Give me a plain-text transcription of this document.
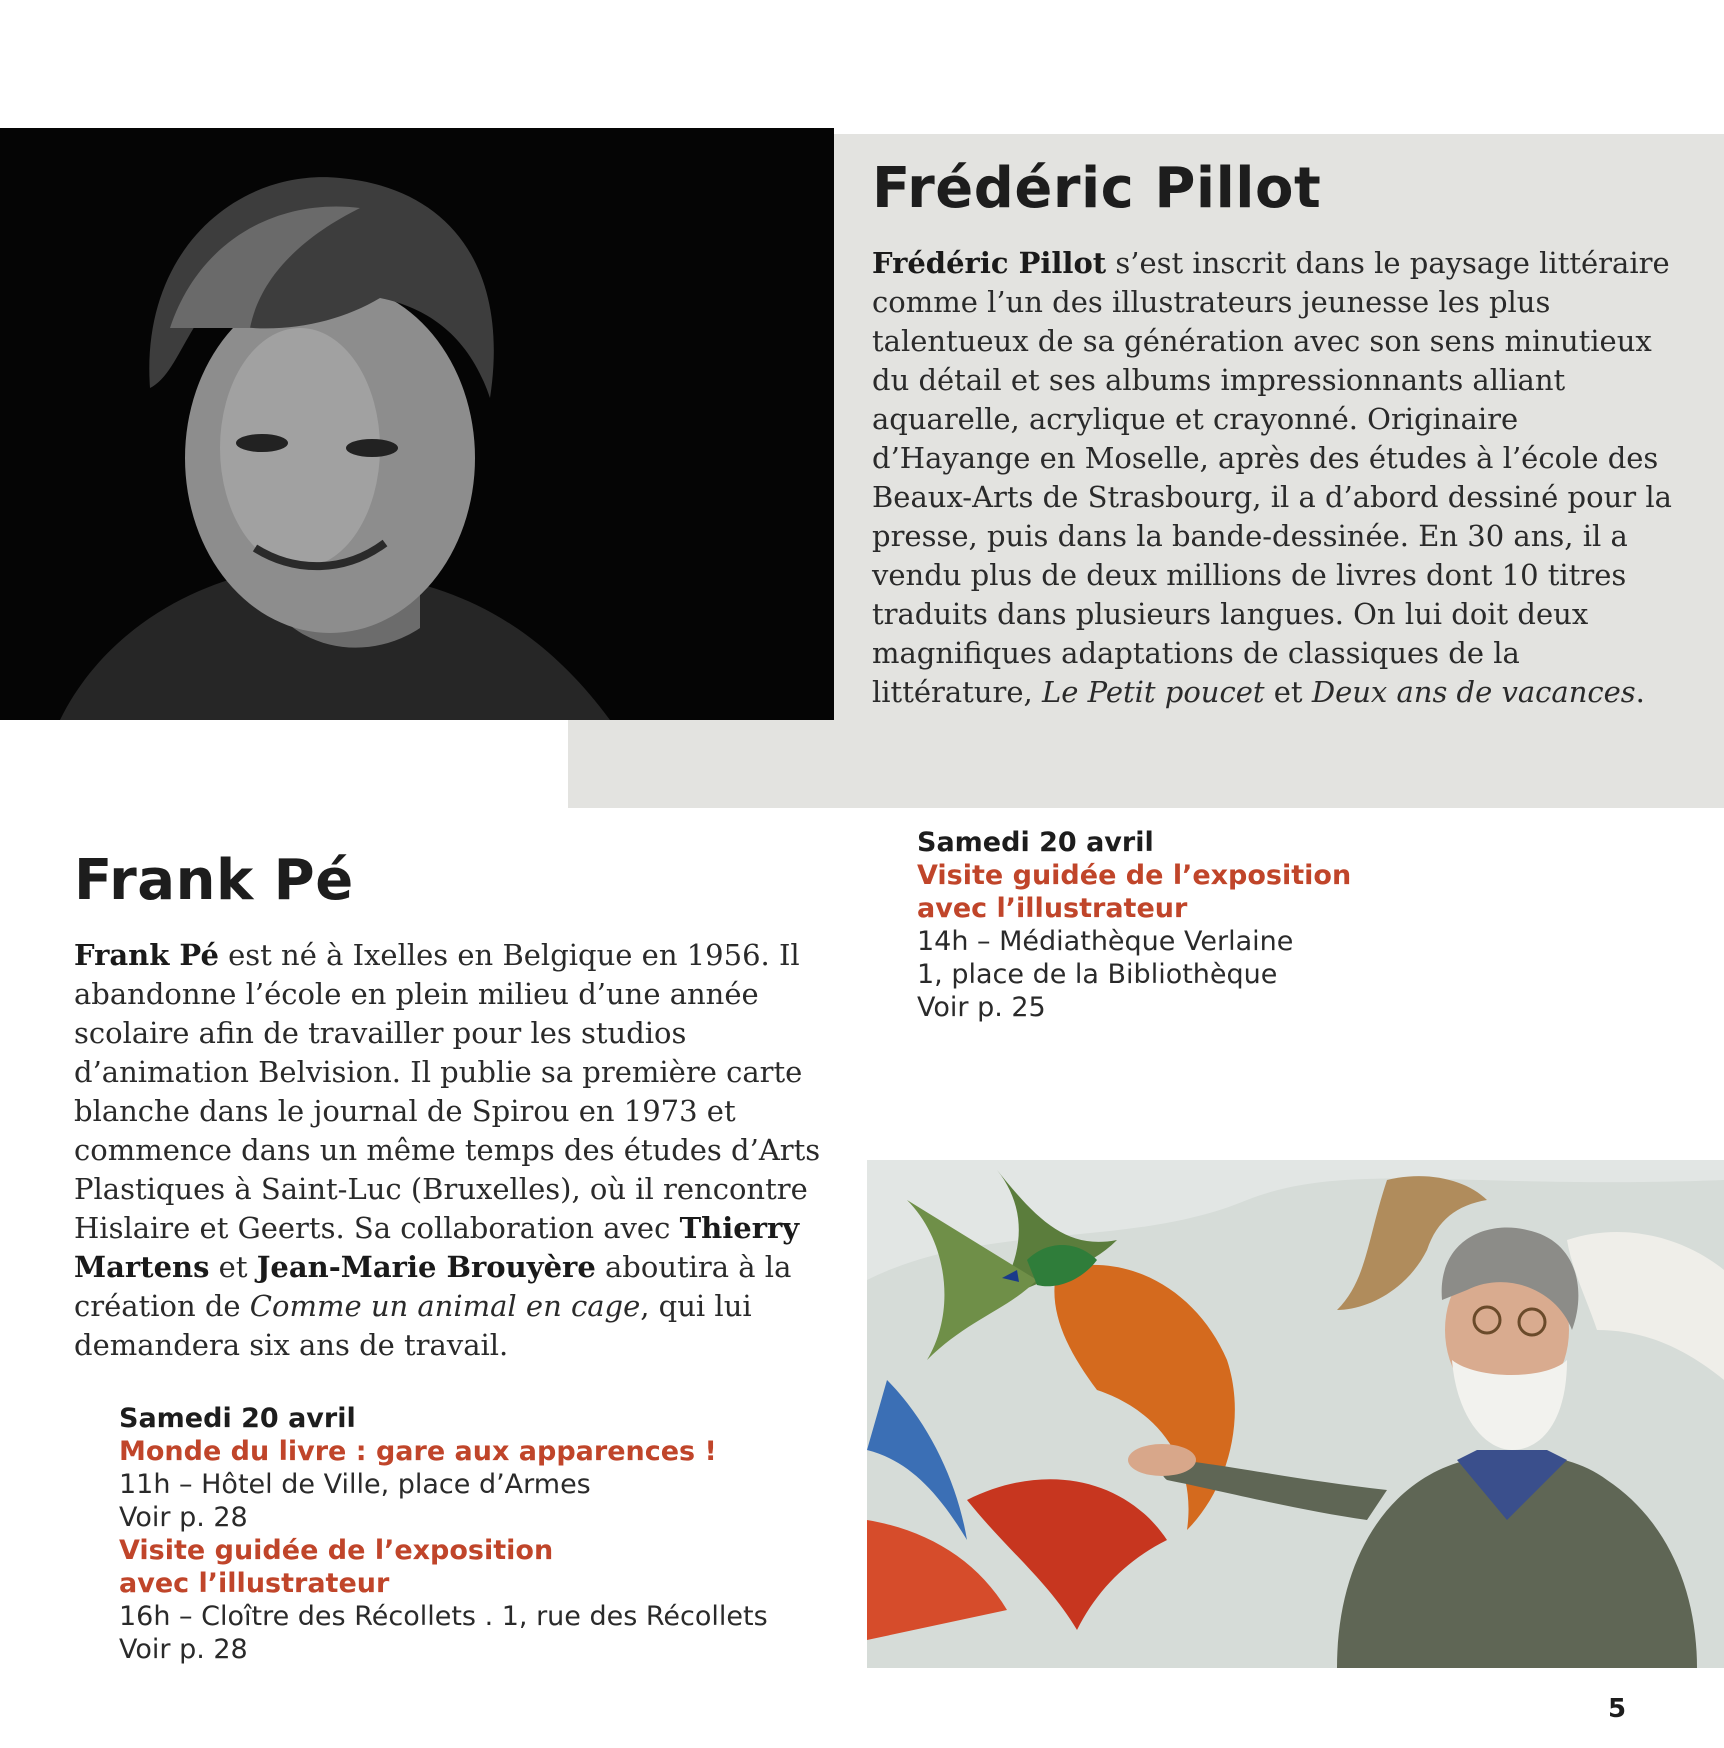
Frédéric Pillot

Frédéric Pillot s’est inscrit dans le paysage littéraire comme l’un des illustrateurs jeunesse les plus talentueux de sa génération avec son sens minutieux du détail et ses albums impressionnants alliant aquarelle, acrylique et crayonné. Originaire d’Hayange en Moselle, après des études à l’école des Beaux-Arts de Strasbourg, il a d’abord dessiné pour la presse, puis dans la bande-dessinée. En 30 ans, il a vendu plus de deux millions de livres dont 10 titres traduits dans plusieurs langues. On lui doit deux magnifiques adaptations de classiques de la littérature, Le Petit poucet et Deux ans de vacances.

Samedi 20 avril
Visite guidée de l’exposition
avec l’illustrateur
14h – Médiathèque Verlaine
1, place de la Bibliothèque
Voir p. 25
Frank Pé

Frank Pé est né à Ixelles en Belgique en 1956. Il abandonne l’école en plein milieu d’une année scolaire afin de travailler pour les studios d’animation Belvision. Il publie sa première carte blanche dans le journal de Spirou en 1973 et commence dans un même temps des études d’Arts Plastiques à Saint-Luc (Bruxelles), où il rencontre Hislaire et Geerts. Sa collaboration avec Thierry Martens et Jean-Marie Brouyère aboutira à la création de Comme un animal en cage, qui lui demandera six ans de travail.

Samedi 20 avril
Monde du livre : gare aux apparences !
11h – Hôtel de Ville, place d’Armes
Voir p. 28
Visite guidée de l’exposition
avec l’illustrateur
16h – Cloître des Récollets . 1, rue des Récollets
Voir p. 28
5
